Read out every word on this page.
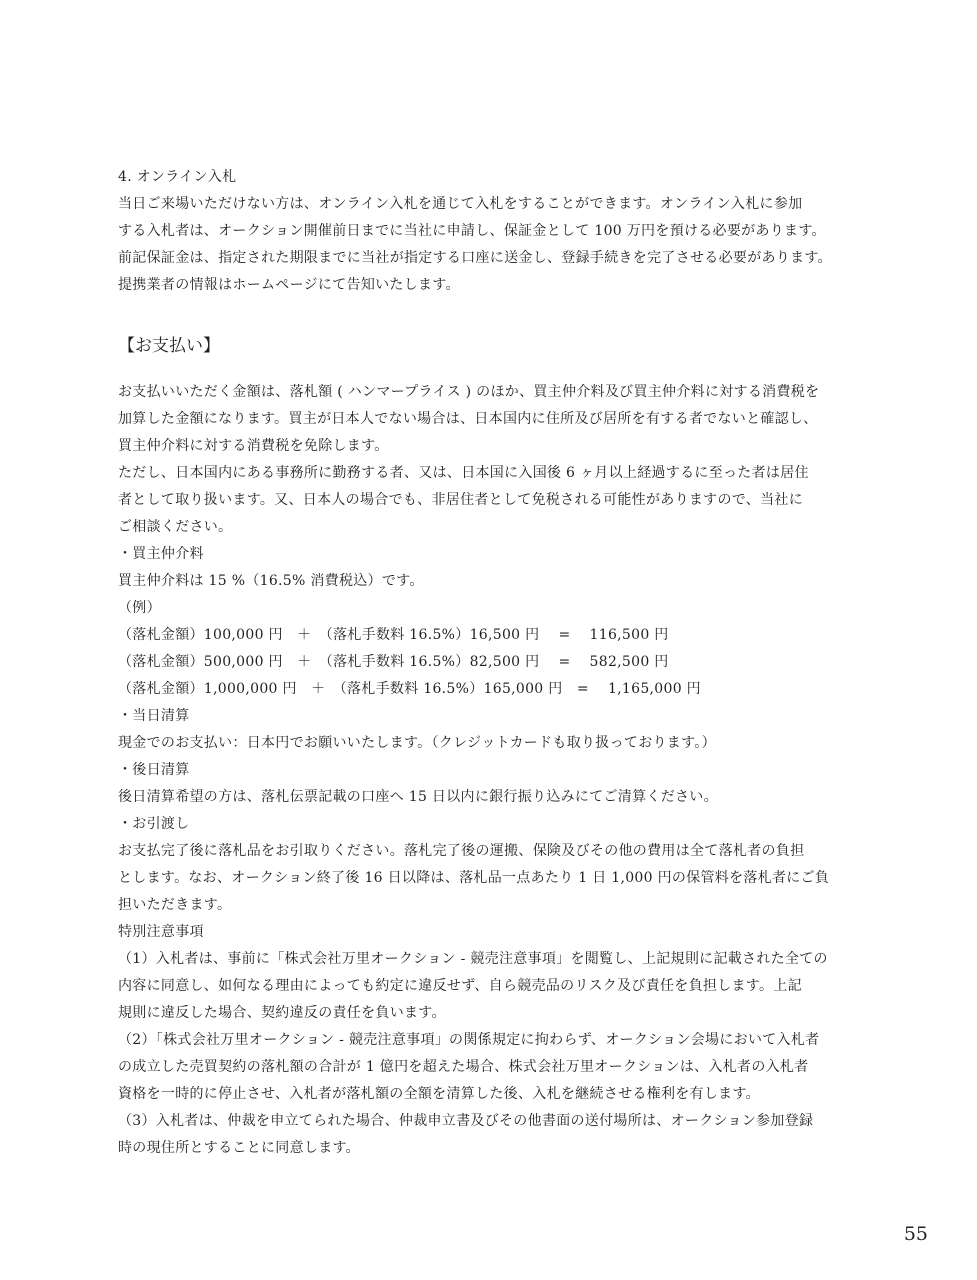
4. オンライン入札
当日ご来場いただけない方は、オンライン入札を通じて入札をすることができます。オンライン入札に参加
する入札者は、オークション開催前日までに当社に申請し、保証金として 100 万円を預ける必要があります。
前記保証金は、指定された期限までに当社が指定する口座に送金し、登録手続きを完了させる必要があります。
提携業者の情報はホームページにて告知いたします。
【お支払い】
お支払いいただく金額は、落札額 ( ハンマープライス ) のほか、買主仲介料及び買主仲介料に対する消費税を
加算した金額になります。買主が日本人でない場合は、日本国内に住所及び居所を有する者でないと確認し、
買主仲介料に対する消費税を免除します。
ただし、日本国内にある事務所に勤務する者、又は、日本国に入国後 6 ヶ月以上経過するに至った者は居住
者として取り扱います。又、日本人の場合でも、非居住者として免税される可能性がありますので、当社に
ご相談ください。
・買主仲介料
買主仲介料は 15 %（16.5% 消費税込）です。
（例）
（落札金額）100,000 円　＋　（落札手数料 16.5%）16,500 円　 =　 116,500 円
（落札金額）500,000 円　＋　（落札手数料 16.5%）82,500 円　 =　 582,500 円
（落札金額）1,000,000 円　＋　（落札手数料 16.5%）165,000 円　=　 1,165,000 円
・当日清算
現金でのお支払い：日本円でお願いいたします。（クレジットカードも取り扱っております。）
・後日清算
後日清算希望の方は、落札伝票記載の口座へ 15 日以内に銀行振り込みにてご清算ください。
・お引渡し
お支払完了後に落札品をお引取りください。落札完了後の運搬、保険及びその他の費用は全て落札者の負担
とします。なお、オークション終了後 16 日以降は、落札品一点あたり 1 日 1,000 円の保管料を落札者にご負
担いただきます。
特別注意事項
（1）入札者は、事前に「株式会社万里オークション - 競売注意事項」を閲覧し、上記規則に記載された全ての
内容に同意し、如何なる理由によっても約定に違反せず、自ら競売品のリスク及び責任を負担します。上記
規則に違反した場合、契約違反の責任を負います。
（2）「株式会社万里オークション - 競売注意事項」の関係規定に拘わらず、オークション会場において入札者
の成立した売買契約の落札額の合計が 1 億円を超えた場合、株式会社万里オークションは、入札者の入札者
資格を一時的に停止させ、入札者が落札額の全額を清算した後、入札を継続させる権利を有します。
（3）入札者は、仲裁を申立てられた場合、仲裁申立書及びその他書面の送付場所は、オークション参加登録
時の現住所とすることに同意します。
55
